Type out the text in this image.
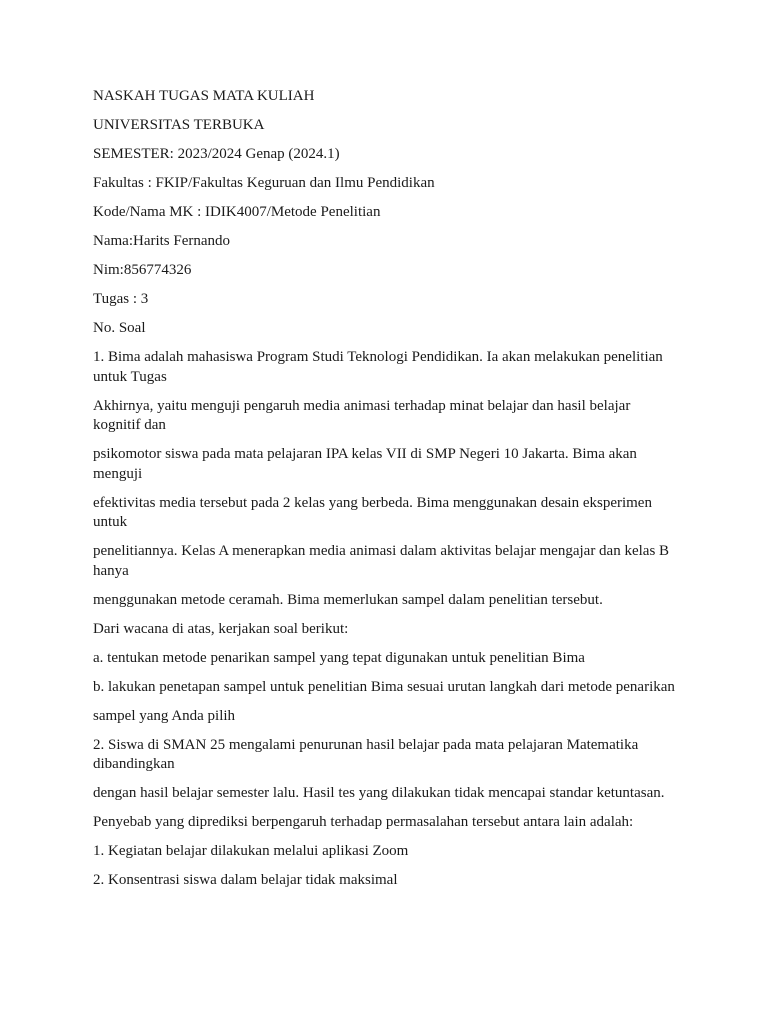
NASKAH TUGAS MATA KULIAH

UNIVERSITAS TERBUKA

SEMESTER: 2023/2024 Genap (2024.1)

Fakultas : FKIP/Fakultas Keguruan dan Ilmu Pendidikan

Kode/Nama MK : IDIK4007/Metode Penelitian

Nama:Harits Fernando

Nim:856774326

Tugas : 3

No. Soal

1. Bima adalah mahasiswa Program Studi Teknologi Pendidikan. Ia akan melakukan penelitian untuk Tugas

Akhirnya, yaitu menguji pengaruh media animasi terhadap minat belajar dan hasil belajar kognitif dan

psikomotor siswa pada mata pelajaran IPA kelas VII di SMP Negeri 10 Jakarta. Bima akan menguji

efektivitas media tersebut pada 2 kelas yang berbeda. Bima menggunakan desain eksperimen untuk

penelitiannya. Kelas A menerapkan media animasi dalam aktivitas belajar mengajar dan kelas B hanya

menggunakan metode ceramah. Bima memerlukan sampel dalam penelitian tersebut.

Dari wacana di atas, kerjakan soal berikut:

a. tentukan metode penarikan sampel yang tepat digunakan untuk penelitian Bima

b. lakukan penetapan sampel untuk penelitian Bima sesuai urutan langkah dari metode penarikan

sampel yang Anda pilih

2. Siswa di SMAN 25 mengalami penurunan hasil belajar pada mata pelajaran Matematika dibandingkan

dengan hasil belajar semester lalu. Hasil tes yang dilakukan tidak mencapai standar ketuntasan.

Penyebab yang diprediksi berpengaruh terhadap permasalahan tersebut antara lain adalah:

1. Kegiatan belajar dilakukan melalui aplikasi Zoom

2. Konsentrasi siswa dalam belajar tidak maksimal
